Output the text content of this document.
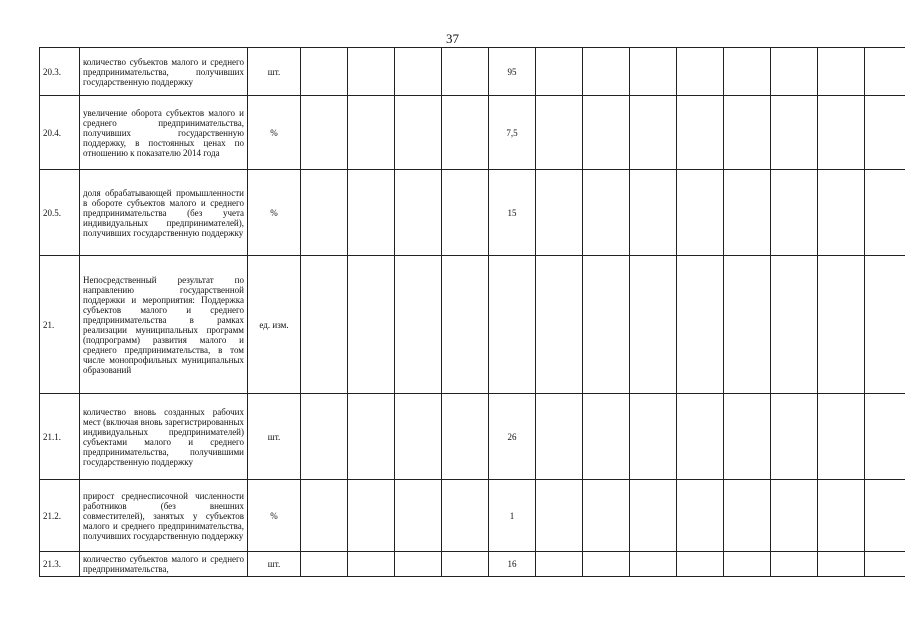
37
20.3.	количество субъектов малого и среднего предпринимательства, получивших государственную поддержку	шт.					95								
20.4.	увеличение оборота субъектов малого и среднего предпринимательства, получивших государственную поддержку, в постоянных ценах по отношению к показателю 2014 года	%					7,5								
20.5.	доля обрабатывающей промышленности в обороте субъектов малого и среднего предпринимательства (без учета индивидуальных предпринимателей), получивших государственную поддержку	%					15								
21.	Непосредственный результат по направлению государственной поддержки и мероприятия: Поддержка субъектов малого и среднего предпринимательства в рамках реализации муниципальных программ (подпрограмм) развития малого и среднего предпринимательства, в том числе монопрофильных муниципальных образований	ед. изм.													
21.1.	количество вновь созданных рабочих мест (включая вновь зарегистрированных индивидуальных предпринимателей) субъектами малого и среднего предпринимательства, получившими государственную поддержку	шт.					26								
21.2.	прирост среднесписочной численности работников (без внешних совместителей), занятых у субъектов малого и среднего предпринимательства, получивших государственную поддержку	%					1								
21.3.	количество субъектов малого и среднего предпринимательства,	шт.					16								
